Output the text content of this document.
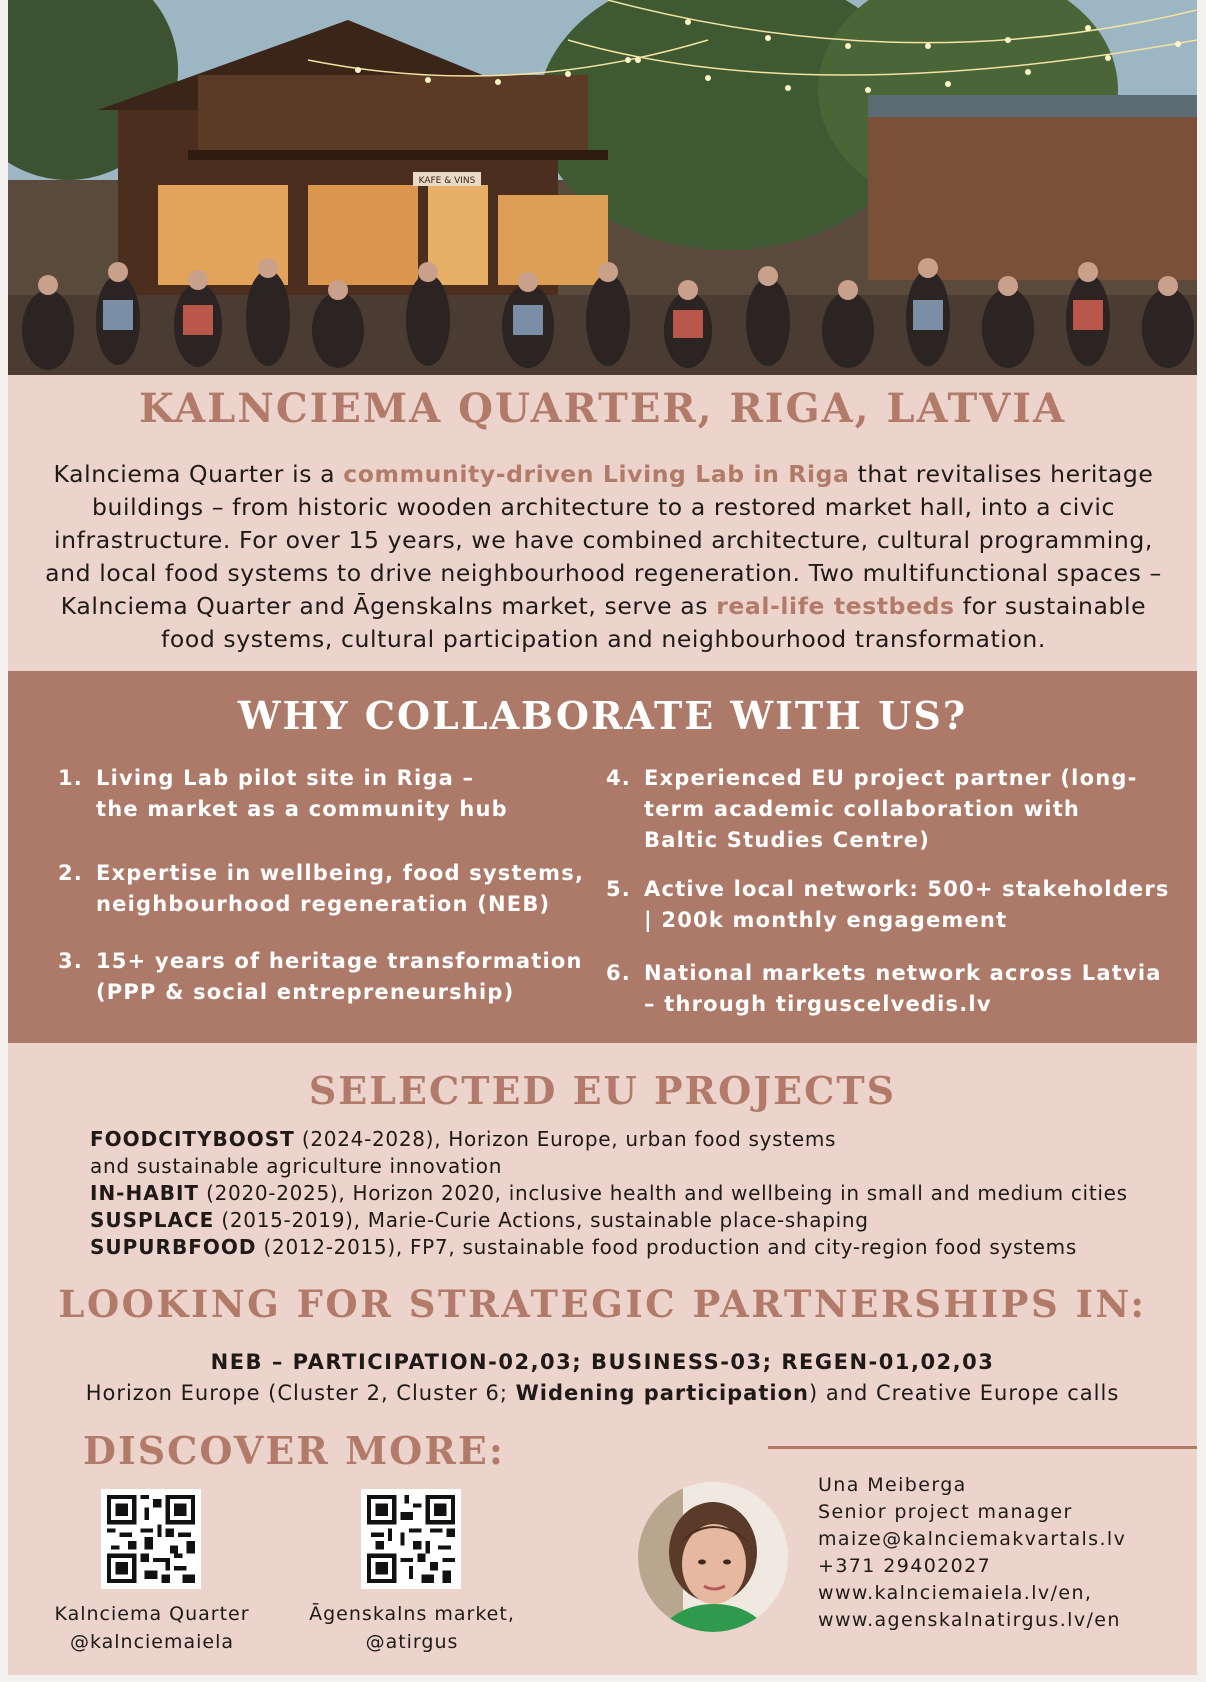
KAFE & VINS
KALNCIEMA QUARTER, RIGA, LATVIA
Kalnciema Quarter is a community-driven Living Lab in Riga that revitalises heritage buildings – from historic wooden architecture to a restored market hall, into a civic infrastructure. For over 15 years, we have combined architecture, cultural programming, and local food systems to drive neighbourhood regeneration. Two multifunctional spaces – Kalnciema Quarter and Āgenskalns market, serve as real-life testbeds for sustainable food systems, cultural participation and neighbourhood transformation.
WHY COLLABORATE WITH US?
1. Living Lab pilot site in Riga –
the market as a community hub
2. Expertise in wellbeing, food systems,
neighbourhood regeneration (NEB)
3. 15+ years of heritage transformation
(PPP & social entrepreneurship)
4. Experienced EU project partner (long-
term academic collaboration with
Baltic Studies Centre)
5. Active local network: 500+ stakeholders
| 200k monthly engagement
6. National markets network across Latvia
– through tirguscelvedis.lv
SELECTED EU PROJECTS
FOODCITYBOOST (2024-2028), Horizon Europe, urban food systems
and sustainable agriculture innovation
IN-HABIT (2020-2025), Horizon 2020, inclusive health and wellbeing in small and medium cities
SUSPLACE (2015-2019), Marie-Curie Actions, sustainable place-shaping
SUPURBFOOD (2012-2015), FP7, sustainable food production and city-region food systems
LOOKING FOR STRATEGIC PARTNERSHIPS IN:
NEB – PARTICIPATION-02,03; BUSINESS-03; REGEN-01,02,03
Horizon Europe (Cluster 2, Cluster 6; Widening participation) and Creative Europe calls
DISCOVER MORE:
Kalnciema Quarter
@kalnciemaiela
Āgenskalns market,
@atirgus
Una Meiberga
Senior project manager
maize@kalnciemakvartals.lv
+371 29402027
www.kalnciemaiela.lv/en,
www.agenskalnatirgus.lv/en
